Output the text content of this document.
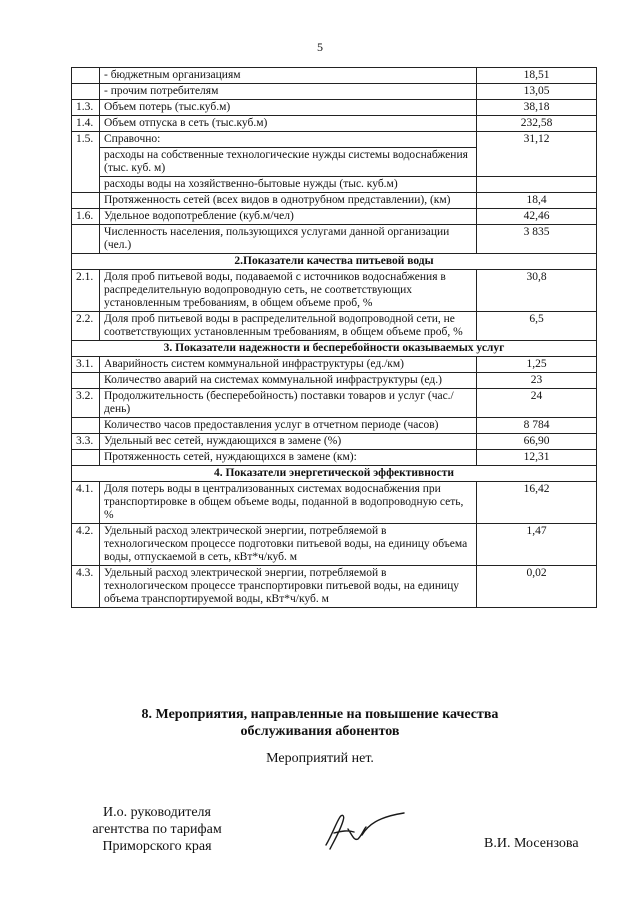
5
	- бюджетным организациям	18,51
	- прочим потребителям	13,05
1.3.	Объем потерь (тыс.куб.м)	38,18
1.4.	Объем отпуска в сеть (тыс.куб.м)	232,58
1.5.	Справочно:	31,12
	расходы на собственные технологические нужды системы водоснабжения (тыс. куб. м)	
	расходы воды на хозяйственно-бытовые нужды (тыс. куб.м)	
	Протяженность сетей (всех видов в однотрубном представлении), (км)	18,4
1.6.	Удельное водопотребление (куб.м/чел)	42,46
	Численность населения, пользующихся услугами данной организации (чел.)	3 835
2.Показатели качества питьевой воды		
2.1.	Доля проб питьевой воды, подаваемой с источников водоснабжения в распределительную водопроводную сеть, не соответствующих установленным требованиям, в общем объеме проб, %	30,8
2.2.	Доля проб питьевой воды в распределительной водопроводной сети, не соответствующих установленным требованиям, в общем объеме проб, %	6,5
3. Показатели надежности и бесперебойности оказываемых услуг		
3.1.	Аварийность систем коммунальной инфраструктуры (ед./км)	1,25
	Количество аварий на системах коммунальной инфраструктуры (ед.)	23
3.2.	Продолжительность (бесперебойность) поставки товаров и услуг (час./день)	24
	Количество часов предоставления услуг в отчетном периоде (часов)	8 784
3.3.	Удельный вес сетей, нуждающихся в замене (%)	66,90
	Протяженность сетей, нуждающихся в замене (км):	12,31
4. Показатели энергетической эффективности		
4.1.	Доля потерь воды в централизованных системах водоснабжения при транспортировке в общем объеме воды, поданной в водопроводную сеть, %	16,42
4.2.	Удельный расход электрической энергии, потребляемой в технологическом процессе подготовки питьевой воды, на единицу объема воды, отпускаемой в сеть, кВт*ч/куб. м	1,47
4.3.	Удельный расход электрической энергии, потребляемой в технологическом процессе транспортировки питьевой воды, на единицу объема транспортируемой воды, кВт*ч/куб. м	0,02
8. Мероприятия, направленные на повышение качества
обслуживания абонентов
Мероприятий нет.
И.о. руководителя
агентства по тарифам
Приморского края	В.И. Мосензова
